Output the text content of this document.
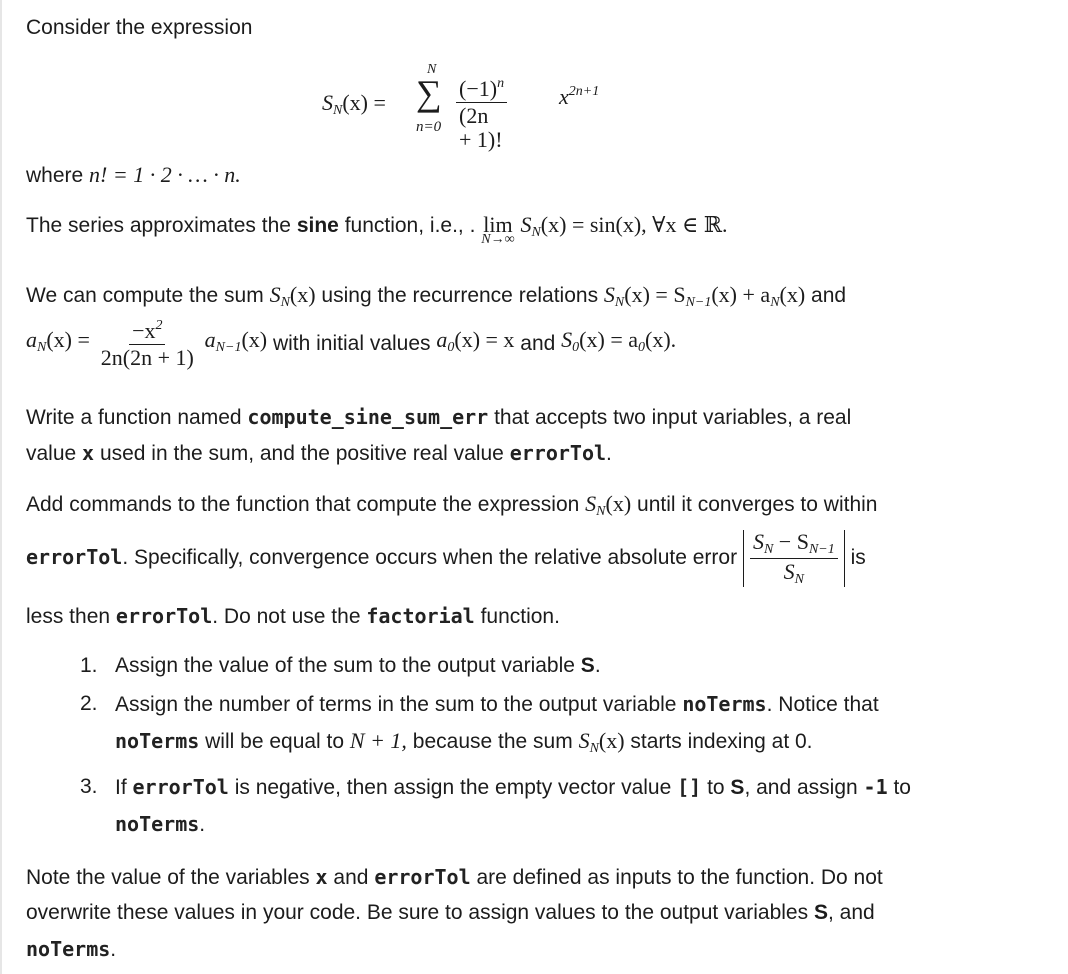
Consider the expression
$S_N(x)$ =
N
∑
$n=0 \frac{(-1)^n}{(2n + 1)!} x^{2n+1}$
where n! = 1 · 2 · … · n.
The series approximates the sine function, i.e., . lim
N→∞
$S_N(x) = \sin(x)$, ∀x ∈ ℝ.
We can compute the sum $S_N(x)$ using the recurrence relations $S_N(x) = S_{N-1}(x) + a_N(x)$ and
$a_N(x) = \frac{-x^2}{2n(2n + 1)} a_{N-1}(x)$ with initial values $a_0(x) = x$ and $S_0(x) = a_0(x)$.
Write a function named compute_sine_sum_err that accepts two input variables, a real
value x used in the sum, and the positive real value errorTol.
Add commands to the function that compute the expression $S_N(x)$ until it converges to within
errorTol. Specifically, convergence occurs when the relative absolute error $\frac{S_N - S_{N-1}}{S_N}$ is
less then errorTol. Do not use the factorial function.
1. Assign the value of the sum to the output variable S.
2. Assign the number of terms in the sum to the output variable noTerms. Notice that
noTerms will be equal to N + 1, because the sum $S_N(x)$ starts indexing at 0.
3. If errorTol is negative, then assign the empty vector value [] to S, and assign -1 to
noTerms.
Note the value of the variables x and errorTol are defined as inputs to the function. Do not
overwrite these values in your code. Be sure to assign values to the output variables S, and
noTerms.
